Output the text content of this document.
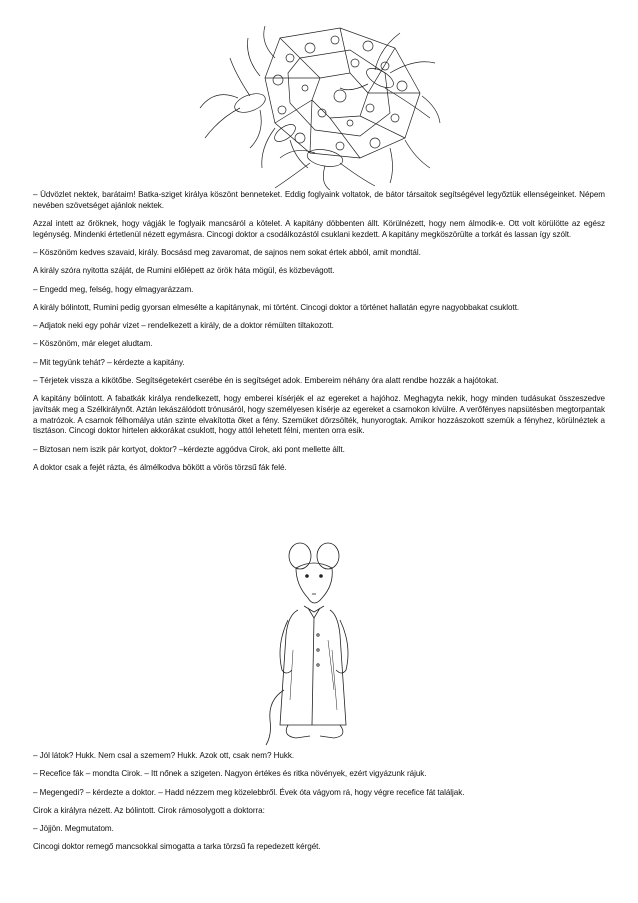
– Üdvözlet nektek, barátaim! Batka-sziget királya köszönt benneteket. Eddig foglyaink voltatok, de bátor társaitok segítségével legyőztük ellenségeinket. Népem nevében szövetséget ajánlok nektek.

Azzal intett az őröknek, hogy vágják le foglyaik mancsáról a kötelet. A kapitány döbbenten állt. Körülnézett, hogy nem álmodik-e. Ott volt körülötte az egész legénység. Mindenki értetlenül nézett egymásra. Cincogi doktor a csodálkozástól csuklani kezdett. A kapitány megköszörülte a torkát és lassan így szólt.

– Köszönöm kedves szavaid, király. Bocsásd meg zavaromat, de sajnos nem sokat értek abból, amit mondtál.

A király szóra nyitotta száját, de Rumini előlépett az örök háta mögül, és közbevágott.

– Engedd meg, felség, hogy elmagyarázzam.

A király bólintott, Rumini pedig gyorsan elmesélte a kapitánynak, mi történt. Cincogi doktor a történet hallatán egyre nagyobbakat csuklott.

– Adjatok neki egy pohár vizet – rendelkezett a király, de a doktor rémülten tiltakozott.

– Köszönöm, már eleget aludtam.

– Mit tegyünk tehát? – kérdezte a kapitány.

– Térjetek vissza a kikötőbe. Segítségetekért cserébe én is segítséget adok. Embereim néhány óra alatt rendbe hozzák a hajótokat.

A kapitány bólintott. A fabatkák királya rendelkezett, hogy emberei kísérjék el az egereket a hajóhoz. Meghagyta nekik, hogy minden tudásukat összeszedve javítsák meg a Szélkirálynőt. Aztán lekászálódott trónusáról, hogy személyesen kísérje az egereket a csarnokon kívülre. A verőfényes napsütésben megtorpantak a matrózok. A csarnok félhomálya után szinte elvakította őket a fény. Szemüket dörzsölték, hunyorogtak. Amikor hozzászokott szemük a fényhez, körülnéztek a tisztáson. Cincogi doktor hirtelen akkorákat csuklott, hogy attól lehetett félni, menten orra esik.

– Biztosan nem iszik pár kortyot, doktor? –kérdezte aggódva Cirok, aki pont mellette állt.

A doktor csak a fejét rázta, és álmélkodva bökött a vörös törzsű fák felé.

– Jól látok? Hukk. Nem csal a szemem? Hukk. Azok ott, csak nem? Hukk.

– Recefice fák – mondta Cirok. – Itt nőnek a szigeten. Nagyon értékes és ritka növények, ezért vigyázunk rájuk.

– Megengedi? – kérdezte a doktor. – Hadd nézzem meg közelebbről. Évek óta vágyom rá, hogy végre recefice fát találjak.

Cirok a királyra nézett. Az bólintott. Cirok rámosolygott a doktorra:

– Jöjjön. Megmutatom.

Cincogi doktor remegő mancsokkal simogatta a tarka törzsű fa repedezett kérgét.
